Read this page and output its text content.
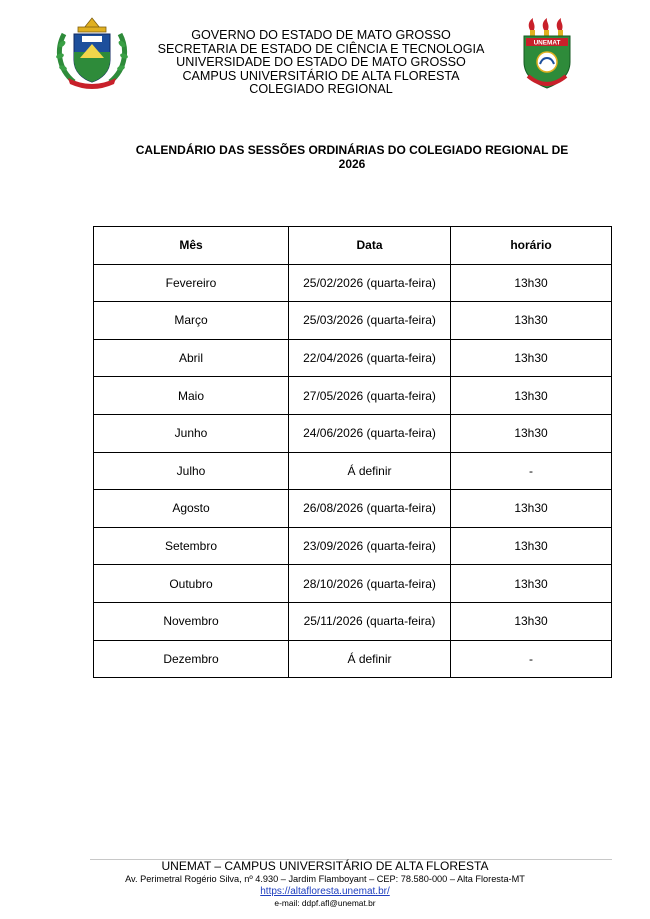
GOVERNO DO ESTADO DE MATO GROSSO
SECRETARIA DE ESTADO DE CIÊNCIA E TECNOLOGIA
UNIVERSIDADE DO ESTADO DE MATO GROSSO
CAMPUS UNIVERSITÁRIO DE ALTA FLORESTA
COLEGIADO REGIONAL
UNEMAT
CALENDÁRIO DAS SESSÕES ORDINÁRIAS DO COLEGIADO REGIONAL DE
2026
Mês	Data	horário
Fevereiro	25/02/2026 (quarta-feira)	13h30
Março	25/03/2026 (quarta-feira)	13h30
Abril	22/04/2026 (quarta-feira)	13h30
Maio	27/05/2026 (quarta-feira)	13h30
Junho	24/06/2026 (quarta-feira)	13h30
Julho	Á definir	-
Agosto	26/08/2026 (quarta-feira)	13h30
Setembro	23/09/2026 (quarta-feira)	13h30
Outubro	28/10/2026 (quarta-feira)	13h30
Novembro	25/11/2026 (quarta-feira)	13h30
Dezembro	Á definir	-
UNEMAT – CAMPUS UNIVERSITÁRIO DE ALTA FLORESTA
Av. Perimetral Rogério Silva, nº 4.930 – Jardim Flamboyant – CEP: 78.580-000 – Alta Floresta-MT
https://altafloresta.unemat.br/
e-mail: ddpf.afl@unemat.br
